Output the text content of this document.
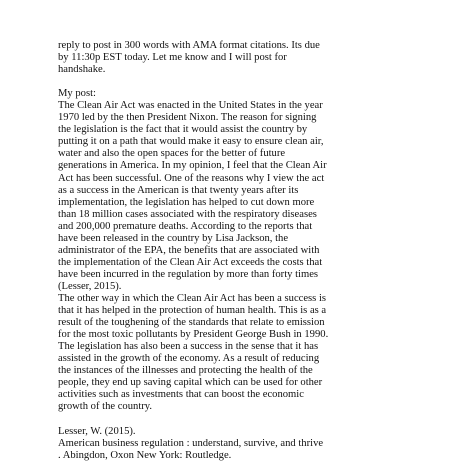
reply to post in 300 words with AMA format citations. Its due
by 11:30p EST today. Let me know and I will post for
handshake.
My post:
The Clean Air Act was enacted in the United States in the year
1970 led by the then President Nixon. The reason for signing
the legislation is the fact that it would assist the country by
putting it on a path that would make it easy to ensure clean air,
water and also the open spaces for the better of future
generations in America. In my opinion, I feel that the Clean Air
Act has been successful. One of the reasons why I view the act
as a success in the American is that twenty years after its
implementation, the legislation has helped to cut down more
than 18 million cases associated with the respiratory diseases
and 200,000 premature deaths. According to the reports that
have been released in the country by Lisa Jackson, the
administrator of the EPA, the benefits that are associated with
the implementation of the Clean Air Act exceeds the costs that
have been incurred in the regulation by more than forty times
(Lesser, 2015).
The other way in which the Clean Air Act has been a success is
that it has helped in the protection of human health. This is as a
result of the toughening of the standards that relate to emission
for the most toxic pollutants by President George Bush in 1990.
The legislation has also been a success in the sense that it has
assisted in the growth of the economy. As a result of reducing
the instances of the illnesses and protecting the health of the
people, they end up saving capital which can be used for other
activities such as investments that can boost the economic
growth of the country.
Lesser, W. (2015).
American business regulation : understand, survive, and thrive
. Abingdon, Oxon New York: Routledge.
